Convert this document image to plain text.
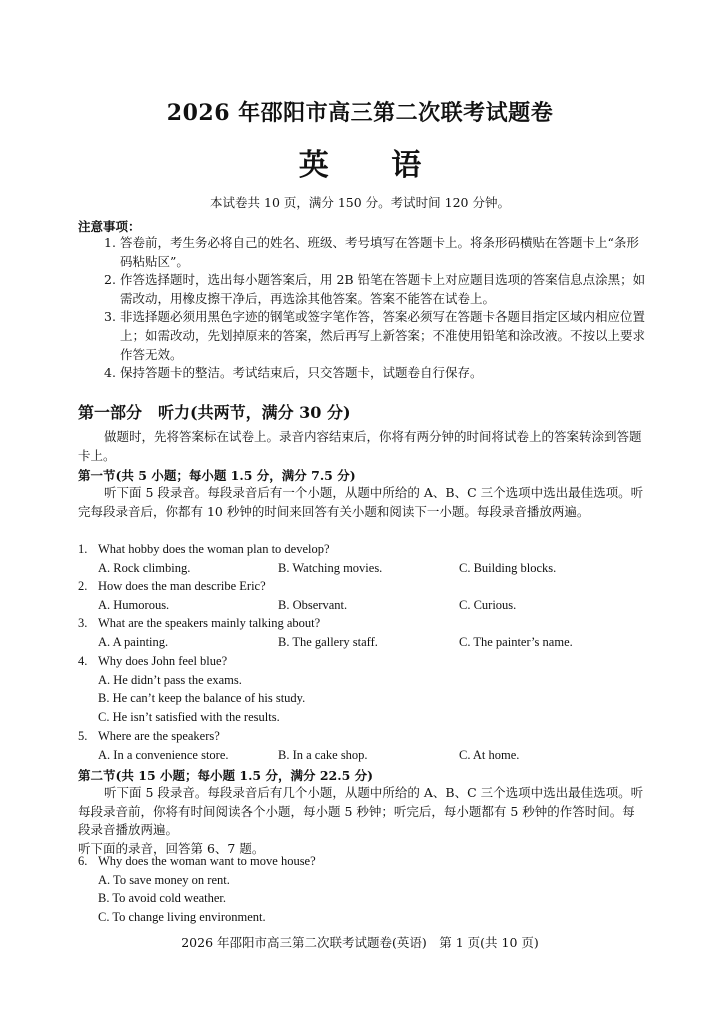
2026 年邵阳市高三第二次联考试题卷
英 语
本试卷共 10 页，满分 150 分。考试时间 120 分钟。
注意事项：

1. 答卷前，考生务必将自己的姓名、班级、考号填写在答题卡上。将条形码横贴在答题卡上“条形码粘贴区”。

2. 作答选择题时，选出每小题答案后，用 2B 铅笔在答题卡上对应题目选项的答案信息点涂黑；如需改动，用橡皮擦干净后，再选涂其他答案。答案不能答在试卷上。

3. 非选择题必须用黑色字迹的钢笔或签字笔作答，答案必须写在答题卡各题目指定区域内相应位置上；如需改动，先划掉原来的答案，然后再写上新答案；不准使用铅笔和涂改液。不按以上要求作答无效。

4. 保持答题卡的整洁。考试结束后，只交答题卡，试题卷自行保存。

第一部分　听力(共两节，满分 30 分)

做题时，先将答案标在试卷上。录音内容结束后，你将有两分钟的时间将试卷上的答案转涂到答题卡上。

第一节(共 5 小题；每小题 1.5 分，满分 7.5 分)

听下面 5 段录音。每段录音后有一个小题，从题中所给的 A、B、C 三个选项中选出最佳选项。听完每段录音后，你都有 10 秒钟的时间来回答有关小题和阅读下一小题。每段录音播放两遍。

1. What hobby does the woman plan to develop?
A. Rock climbing.	B. Watching movies.	C. Building blocks.
2. How does the man describe Eric?
A. Humorous.	B. Observant.	C. Curious.
3. What are the speakers mainly talking about?
A. A painting.	B. The gallery staff.	C. The painter’s name.
4. Why does John feel blue?
A. He didn’t pass the exams.
B. He can’t keep the balance of his study.
C. He isn’t satisfied with the results.
5. Where are the speakers?
A. In a convenience store.	B. In a cake shop.	C. At home.
第二节(共 15 小题；每小题 1.5 分，满分 22.5 分)

听下面 5 段录音。每段录音后有几个小题，从题中所给的 A、B、C 三个选项中选出最佳选项。听每段录音前，你将有时间阅读各个小题，每小题 5 秒钟；听完后，每小题都有 5 秒钟的作答时间。每段录音播放两遍。

听下面的录音，回答第 6、7 题。
6. Why does the woman want to move house?
A. To save money on rent.
B. To avoid cold weather.
C. To change living environment.
2026 年邵阳市高三第二次联考试题卷(英语)　第 1 页(共 10 页)
